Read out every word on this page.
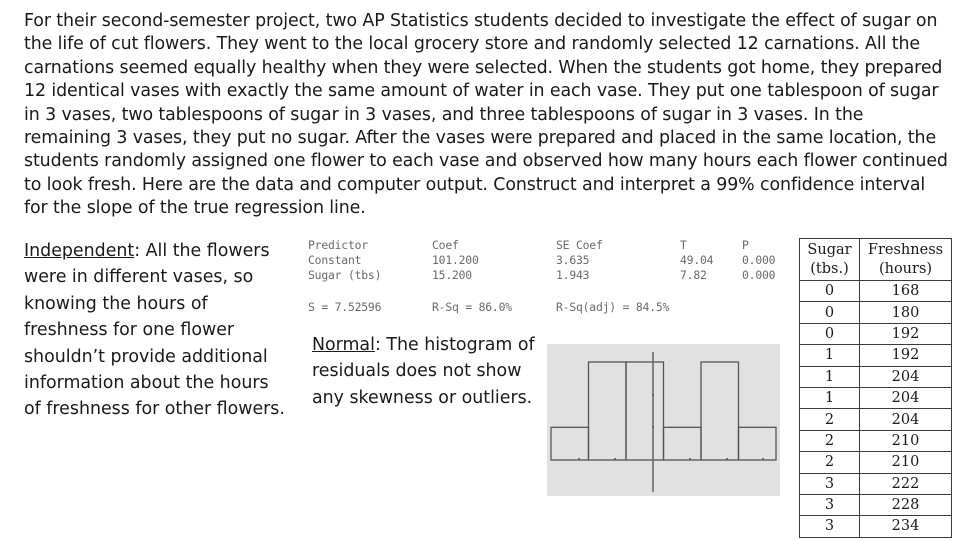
For their second-semester project, two AP Statistics students decided to investigate the effect of sugar on the life of cut flowers. They went to the local grocery store and randomly selected 12 carnations. All the carnations seemed equally healthy when they were selected. When the students got home, they prepared 12 identical vases with exactly the same amount of water in each vase. They put one tablespoon of sugar in 3 vases, two tablespoons of sugar in 3 vases, and three tablespoons of sugar in 3 vases. In the remaining 3 vases, they put no sugar. After the vases were prepared and placed in the same location, the students randomly assigned one flower to each vase and observed how many hours each flower continued to look fresh. Here are the data and computer output. Construct and interpret a 99% confidence interval for the slope of the true regression line.

Independent: All the flowers were in different vases, so knowing the hours of freshness for one flower shouldn’t provide additional information about the hours of freshness for other flowers.

Predictor	Coef	SE Coef	T	P
Constant	101.200	3.635	49.04	0.000
Sugar (tbs)	15.200	1.943	7.82	0.000
S = 7.52596	R-Sq = 86.0%	R-Sq(adj) = 84.5%

Normal: The histogram of residuals does not show any skewness or outliers.

Sugar (tbs.)	Freshness (hours)
0	168
0	180
0	192
1	192
1	204
1	204
2	204
2	210
2	210
3	222
3	228
3	234
